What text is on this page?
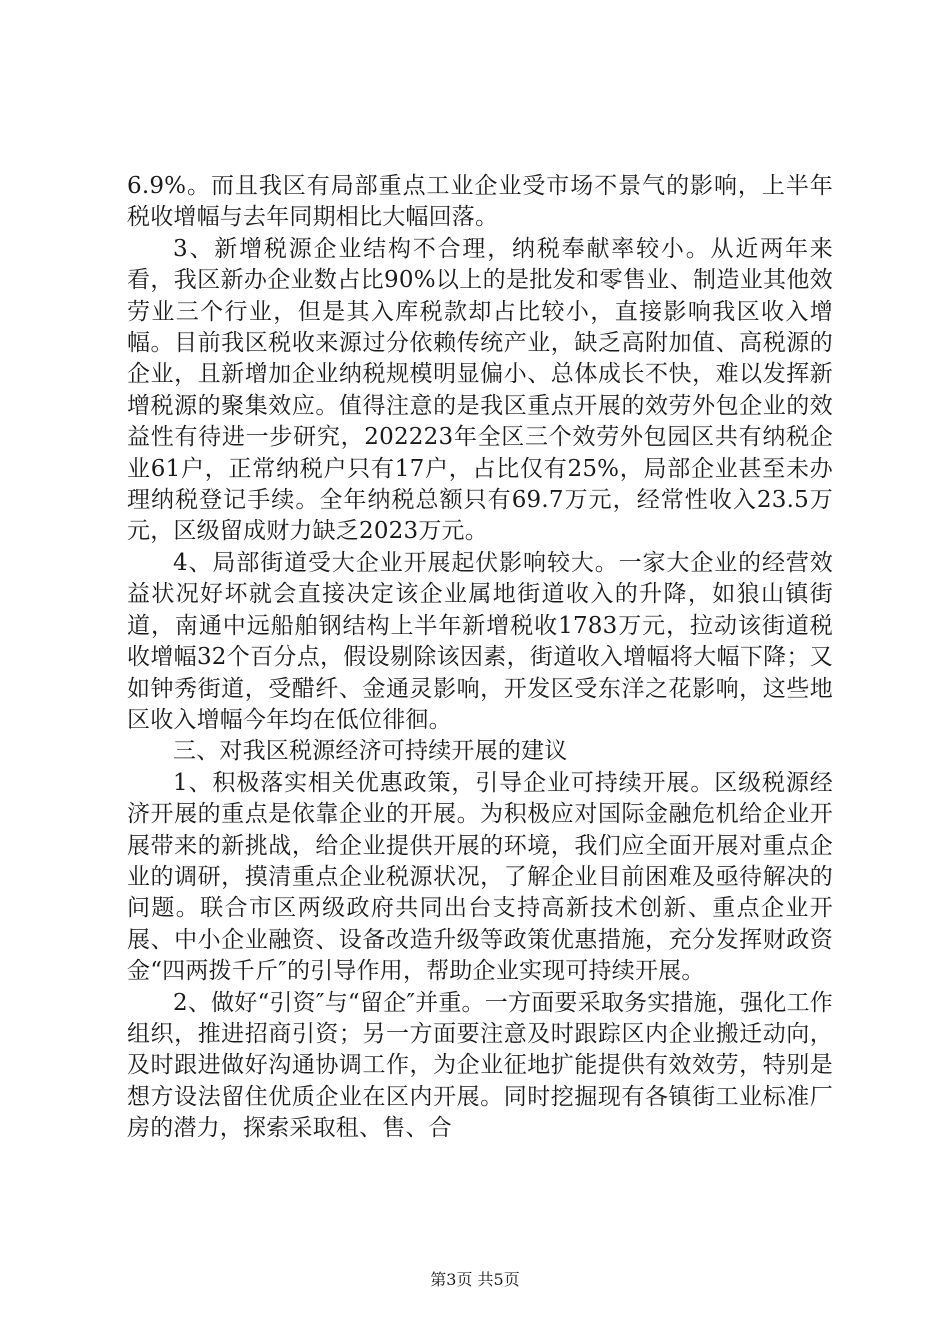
6.9%。而且我区有局部重点工业企业受市场不景气的影响，上半年税收增幅与去年同期相比大幅回落。

3、新增税源企业结构不合理，纳税奉献率较小。从近两年来看，我区新办企业数占比90%以上的是批发和零售业、制造业其他效劳业三个行业，但是其入库税款却占比较小，直接影响我区收入增幅。目前我区税收来源过分依赖传统产业，缺乏高附加值、高税源的企业，且新增加企业纳税规模明显偏小、总体成长不快，难以发挥新增税源的聚集效应。值得注意的是我区重点开展的效劳外包企业的效益性有待进一步研究，202223年全区三个效劳外包园区共有纳税企业61户，正常纳税户只有17户，占比仅有25%，局部企业甚至未办理纳税登记手续。全年纳税总额只有69.7万元，经常性收入23.5万元，区级留成财力缺乏2023万元。

4、局部街道受大企业开展起伏影响较大。一家大企业的经营效益状况好坏就会直接决定该企业属地街道收入的升降，如狼山镇街道，南通中远船舶钢结构上半年新增税收1783万元，拉动该街道税收增幅32个百分点，假设剔除该因素，街道收入增幅将大幅下降；又如钟秀街道，受醋纤、金通灵影响，开发区受东洋之花影响，这些地区收入增幅今年均在低位徘徊。

三、对我区税源经济可持续开展的建议

1、积极落实相关优惠政策，引导企业可持续开展。区级税源经济开展的重点是依靠企业的开展。为积极应对国际金融危机给企业开展带来的新挑战，给企业提供开展的环境，我们应全面开展对重点企业的调研，摸清重点企业税源状况，了解企业目前困难及亟待解决的问题。联合市区两级政府共同出台支持高新技术创新、重点企业开展、中小企业融资、设备改造升级等政策优惠措施，充分发挥财政资金“四两拨千斤″的引导作用，帮助企业实现可持续开展。

2、做好“引资″与“留企″并重。一方面要采取务实措施，强化工作组织，推进招商引资；另一方面要注意及时跟踪区内企业搬迁动向，及时跟进做好沟通协调工作，为企业征地扩能提供有效效劳，特别是想方设法留住优质企业在区内开展。同时挖掘现有各镇街工业标准厂房的潜力，探索采取租、售、合

第3页 共5页
